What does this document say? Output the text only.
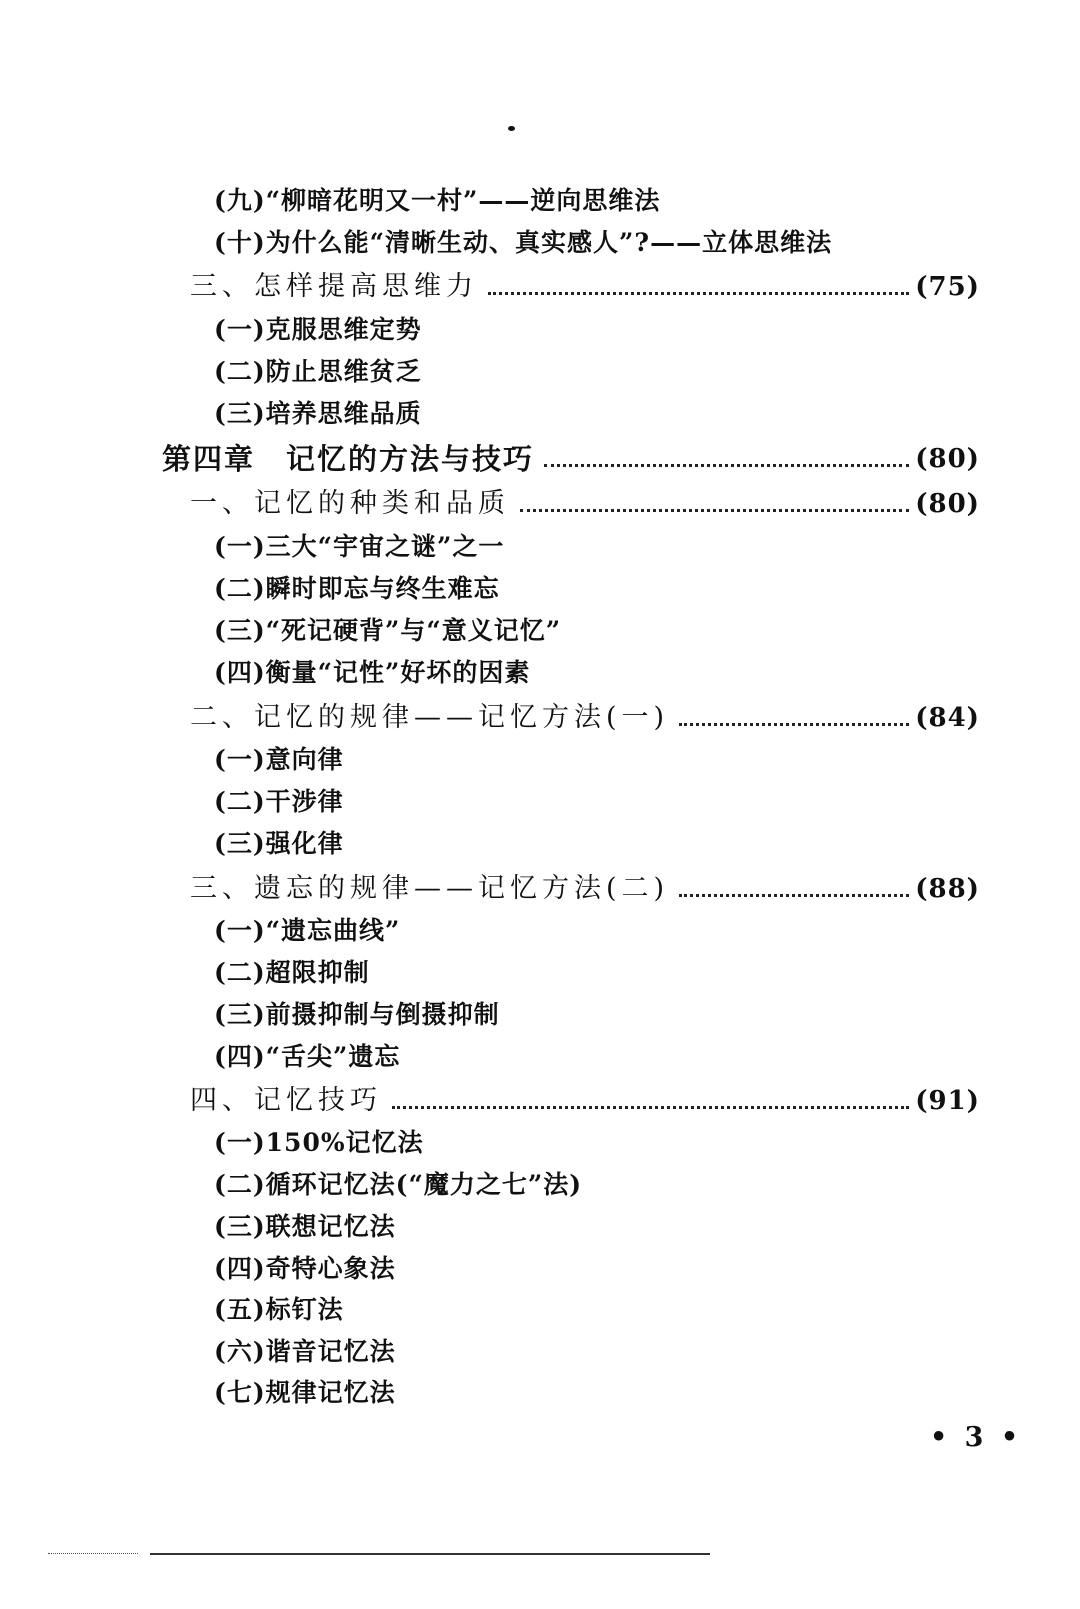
(九)“柳暗花明又一村”——逆向思维法
(十)为什么能“清晰生动、真实感人”?——立体思维法
三、怎样提高思维力	(75)
(一)克服思维定势
(二)防止思维贫乏
(三)培养思维品质
第四章　记忆的方法与技巧	(80)
一、记忆的种类和品质	(80)
(一)三大“宇宙之谜”之一
(二)瞬时即忘与终生难忘
(三)“死记硬背”与“意义记忆”
(四)衡量“记性”好坏的因素
二、记忆的规律——记忆方法(一)	(84)
(一)意向律
(二)干涉律
(三)强化律
三、遗忘的规律——记忆方法(二)	(88)
(一)“遗忘曲线”
(二)超限抑制
(三)前摄抑制与倒摄抑制
(四)“舌尖”遗忘
四、记忆技巧	(91)
(一)150%记忆法
(二)循环记忆法(“魔力之七”法)
(三)联想记忆法
(四)奇特心象法
(五)标钉法
(六)谐音记忆法
(七)规律记忆法
• 3 •
